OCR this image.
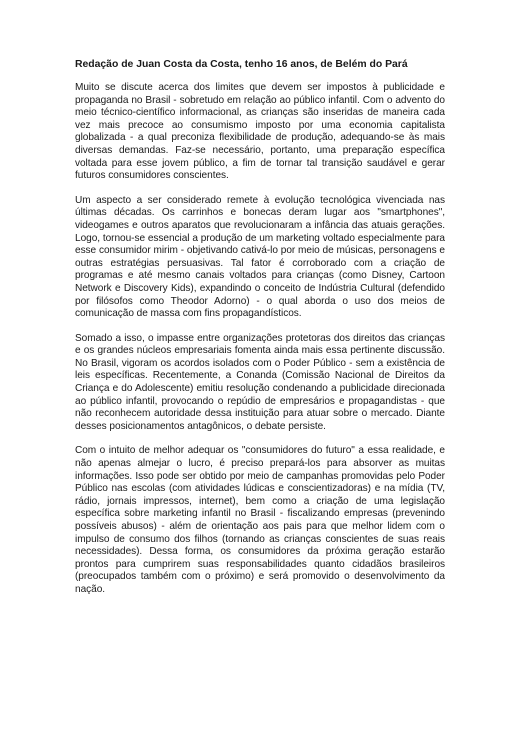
Redação de Juan Costa da Costa, tenho 16 anos, de Belém do Pará

Muito se discute acerca dos limites que devem ser impostos à publicidade e propaganda no Brasil - sobretudo em relação ao público infantil. Com o advento do meio técnico-científico informacional, as crianças são inseridas de maneira cada vez mais precoce ao consumismo imposto por uma economia capitalista globalizada - a qual preconiza flexibilidade de produção, adequando-se às mais diversas demandas. Faz-se necessário, portanto, uma preparação específica voltada para esse jovem público, a fim de tornar tal transição saudável e gerar futuros consumidores conscientes.

Um aspecto a ser considerado remete à evolução tecnológica vivenciada nas últimas décadas. Os carrinhos e bonecas deram lugar aos "smartphones", videogames e outros aparatos que revolucionaram a infância das atuais gerações. Logo, tornou-se essencial a produção de um marketing voltado especialmente para esse consumidor mirim - objetivando cativá-lo por meio de músicas, personagens e outras estratégias persuasivas. Tal fator é corroborado com a criação de programas e até mesmo canais voltados para crianças (como Disney, Cartoon Network e Discovery Kids), expandindo o conceito de Indústria Cultural (defendido por filósofos como Theodor Adorno) - o qual aborda o uso dos meios de comunicação de massa com fins propagandísticos.

Somado a isso, o impasse entre organizações protetoras dos direitos das crianças e os grandes núcleos empresariais fomenta ainda mais essa pertinente discussão. No Brasil, vigoram os acordos isolados com o Poder Público - sem a existência de leis específicas. Recentemente, a Conanda (Comissão Nacional de Direitos da Criança e do Adolescente) emitiu resolução condenando a publicidade direcionada ao público infantil, provocando o repúdio de empresários e propagandistas - que não reconhecem autoridade dessa instituição para atuar sobre o mercado. Diante desses posicionamentos antagônicos, o debate persiste.

Com o intuito de melhor adequar os "consumidores do futuro" a essa realidade, e não apenas almejar o lucro, é preciso prepará-los para absorver as muitas informações. Isso pode ser obtido por meio de campanhas promovidas pelo Poder Público nas escolas (com atividades lúdicas e conscientizadoras) e na mídia (TV, rádio, jornais impressos, internet), bem como a criação de uma legislação específica sobre marketing infantil no Brasil - fiscalizando empresas (prevenindo possíveis abusos) - além de orientação aos pais para que melhor lidem com o impulso de consumo dos filhos (tornando as crianças conscientes de suas reais necessidades). Dessa forma, os consumidores da próxima geração estarão prontos para cumprirem suas responsabilidades quanto cidadãos brasileiros (preocupados também com o próximo) e será promovido o desenvolvimento da nação.
